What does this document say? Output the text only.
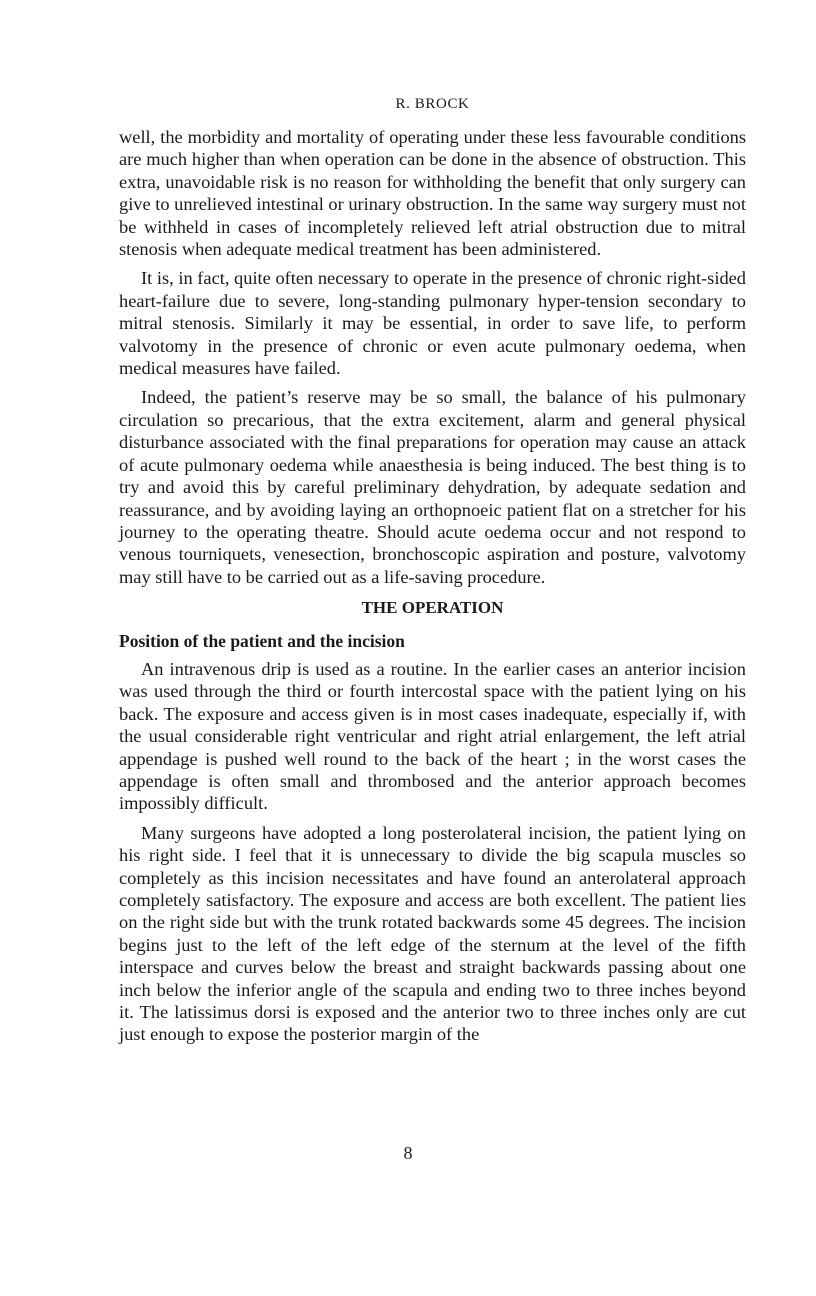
R. BROCK

well, the morbidity and mortality of operating under these less favourable conditions are much higher than when operation can be done in the absence of obstruction. This extra, unavoidable risk is no reason for withholding the benefit that only surgery can give to unrelieved intestinal or urinary obstruction. In the same way surgery must not be withheld in cases of incompletely relieved left atrial obstruction due to mitral stenosis when adequate medical treatment has been administered.

It is, in fact, quite often necessary to operate in the presence of chronic right-sided heart-failure due to severe, long-standing pulmonary hyper-tension secondary to mitral stenosis. Similarly it may be essential, in order to save life, to perform valvotomy in the presence of chronic or even acute pulmonary oedema, when medical measures have failed.

Indeed, the patient’s reserve may be so small, the balance of his pulmonary circulation so precarious, that the extra excitement, alarm and general physical disturbance associated with the final preparations for operation may cause an attack of acute pulmonary oedema while anaesthesia is being induced. The best thing is to try and avoid this by careful preliminary dehydration, by adequate sedation and reassurance, and by avoiding laying an orthopnoeic patient flat on a stretcher for his journey to the operating theatre. Should acute oedema occur and not respond to venous tourniquets, venesection, bronchoscopic aspiration and posture, valvotomy may still have to be carried out as a life-saving procedure.

THE OPERATION
Position of the patient and the incision

An intravenous drip is used as a routine. In the earlier cases an anterior incision was used through the third or fourth intercostal space with the patient lying on his back. The exposure and access given is in most cases inadequate, especially if, with the usual considerable right ventricular and right atrial enlargement, the left atrial appendage is pushed well round to the back of the heart ; in the worst cases the appendage is often small and thrombosed and the anterior approach becomes impossibly difficult.

Many surgeons have adopted a long posterolateral incision, the patient lying on his right side. I feel that it is unnecessary to divide the big scapula muscles so completely as this incision necessitates and have found an anterolateral approach completely satisfactory. The exposure and access are both excellent. The patient lies on the right side but with the trunk rotated backwards some 45 degrees. The incision begins just to the left of the left edge of the sternum at the level of the fifth interspace and curves below the breast and straight backwards passing about one inch below the inferior angle of the scapula and ending two to three inches beyond it. The latissimus dorsi is exposed and the anterior two to three inches only are cut just enough to expose the posterior margin of the

8
